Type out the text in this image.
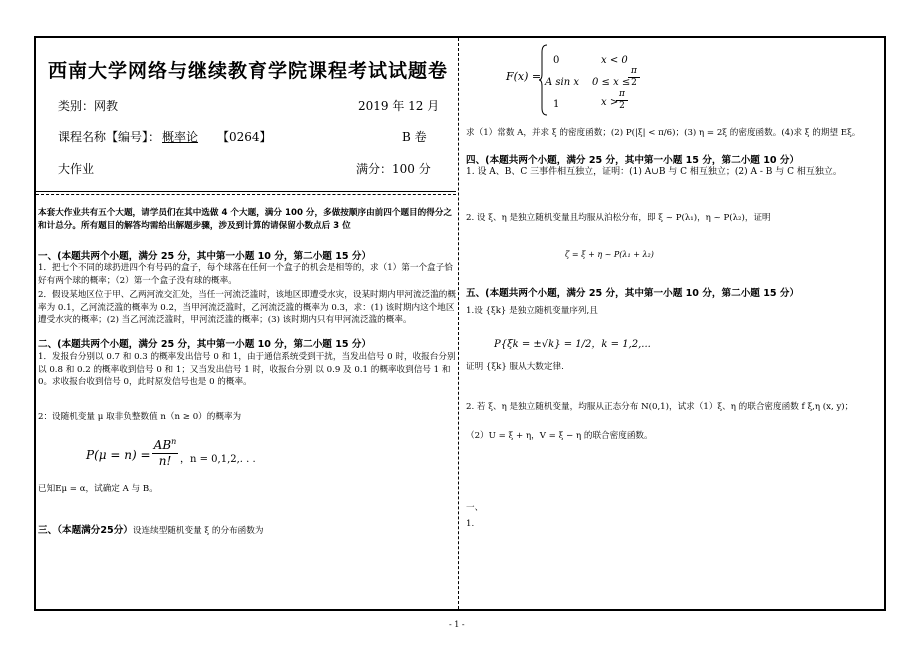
西南大学网络与继续教育学院课程考试试题卷
类别：网教	2019 年 12 月
课程名称【编号】： 概率论 【0264】	B 卷
大作业	满分：100 分
本套大作业共有五个大题，请学员们在其中选做 4 个大题，满分 100 分，多做按顺序由前四个题目的得分之和计总分。所有题目的解答均需给出解题步骤，涉及到计算的请保留小数点后 3 位
一、(本题共两个小题，满分 25 分，其中第一小题 10 分，第二小题 15 分）
1．把七个不同的球扔进四个有号码的盒子，每个球落在任何一个盒子的机会是相等的，求（1）第一个盒子恰好有两个球的概率；（2）第一个盒子没有球的概率。
2．假设某地区位于甲、乙两河流交汇处，当任一河流泛滥时，该地区即遭受水灾，设某时期内甲河流泛滥的概率为 0.1，乙河流泛滥的概率为 0.2，当甲河流泛滥时，乙河流泛滥的概率为 0.3，求：(1) 该时期内这个地区遭受水灾的概率；(2) 当乙河流泛滥时，甲河流泛滥的概率；(3) 该时期内只有甲河流泛滥的概率。
二、(本题共两个小题，满分 25 分，其中第一小题 10 分，第二小题 15 分）
1．发报台分别以 0.7 和 0.3 的概率发出信号 0 和 1，由于通信系统受到干扰，当发出信号 0 时，收报台分别以 0.8 和 0.2 的概率收到信号 0 和 1；又当发出信号 1 时，收报台分别 以 0.9 及 0.1 的概率收到信号 1 和 0。求收报台收到信号 0，此时原发信号也是 0 的概率。
2：设随机变量 μ 取非负整数值 n（n ≥ 0）的概率为
P(μ = n) =
$AB^n$
n! ，n = 0,1,2,. . .
已知Eμ = α，试确定 A 与 B。
三、（本题满分25分）设连续型随机变量 ξ 的分布函数为
F(x) =
0	x < 0
A sin x 0 ≤ x ≤
π
2
1	x >
π
2
求（1）常数 A，并求 ξ 的密度函数；(2) P(|ξ| < π/6)；(3) η = 2ξ 的密度函数。(4)求 ξ 的期望 Eξ。
四、(本题共两个小题，满分 25 分，其中第一小题 15 分，第二小题 10 分）
1. 设 A、B、C 三事件相互独立，证明：(1) A∪B 与 C 相互独立；(2) A - B 与 C 相互独立。
2. 设 ξ、η 是独立随机变量且均服从泊松分布，即 ξ ~ P(λ₁)，η ~ P(λ₂)，证明
ζ = ξ + η ~ P(λ₁ + λ₂)
五、(本题共两个小题，满分 25 分，其中第一小题 10 分，第二小题 15 分）
1.设 {ξk} 是独立随机变量序列,且
P{ξk = ±√k} = 1/2，k = 1,2,...
证明 {ξk} 服从大数定律.
2. 若 ξ、η 是独立随机变量，均服从正态分布 N(0,1)，试求（1）ξ、η 的联合密度函数 f ξ,η (x, y)；
（2）U = ξ + η，V = ξ − η 的联合密度函数。
一、
1.
- 1 -
